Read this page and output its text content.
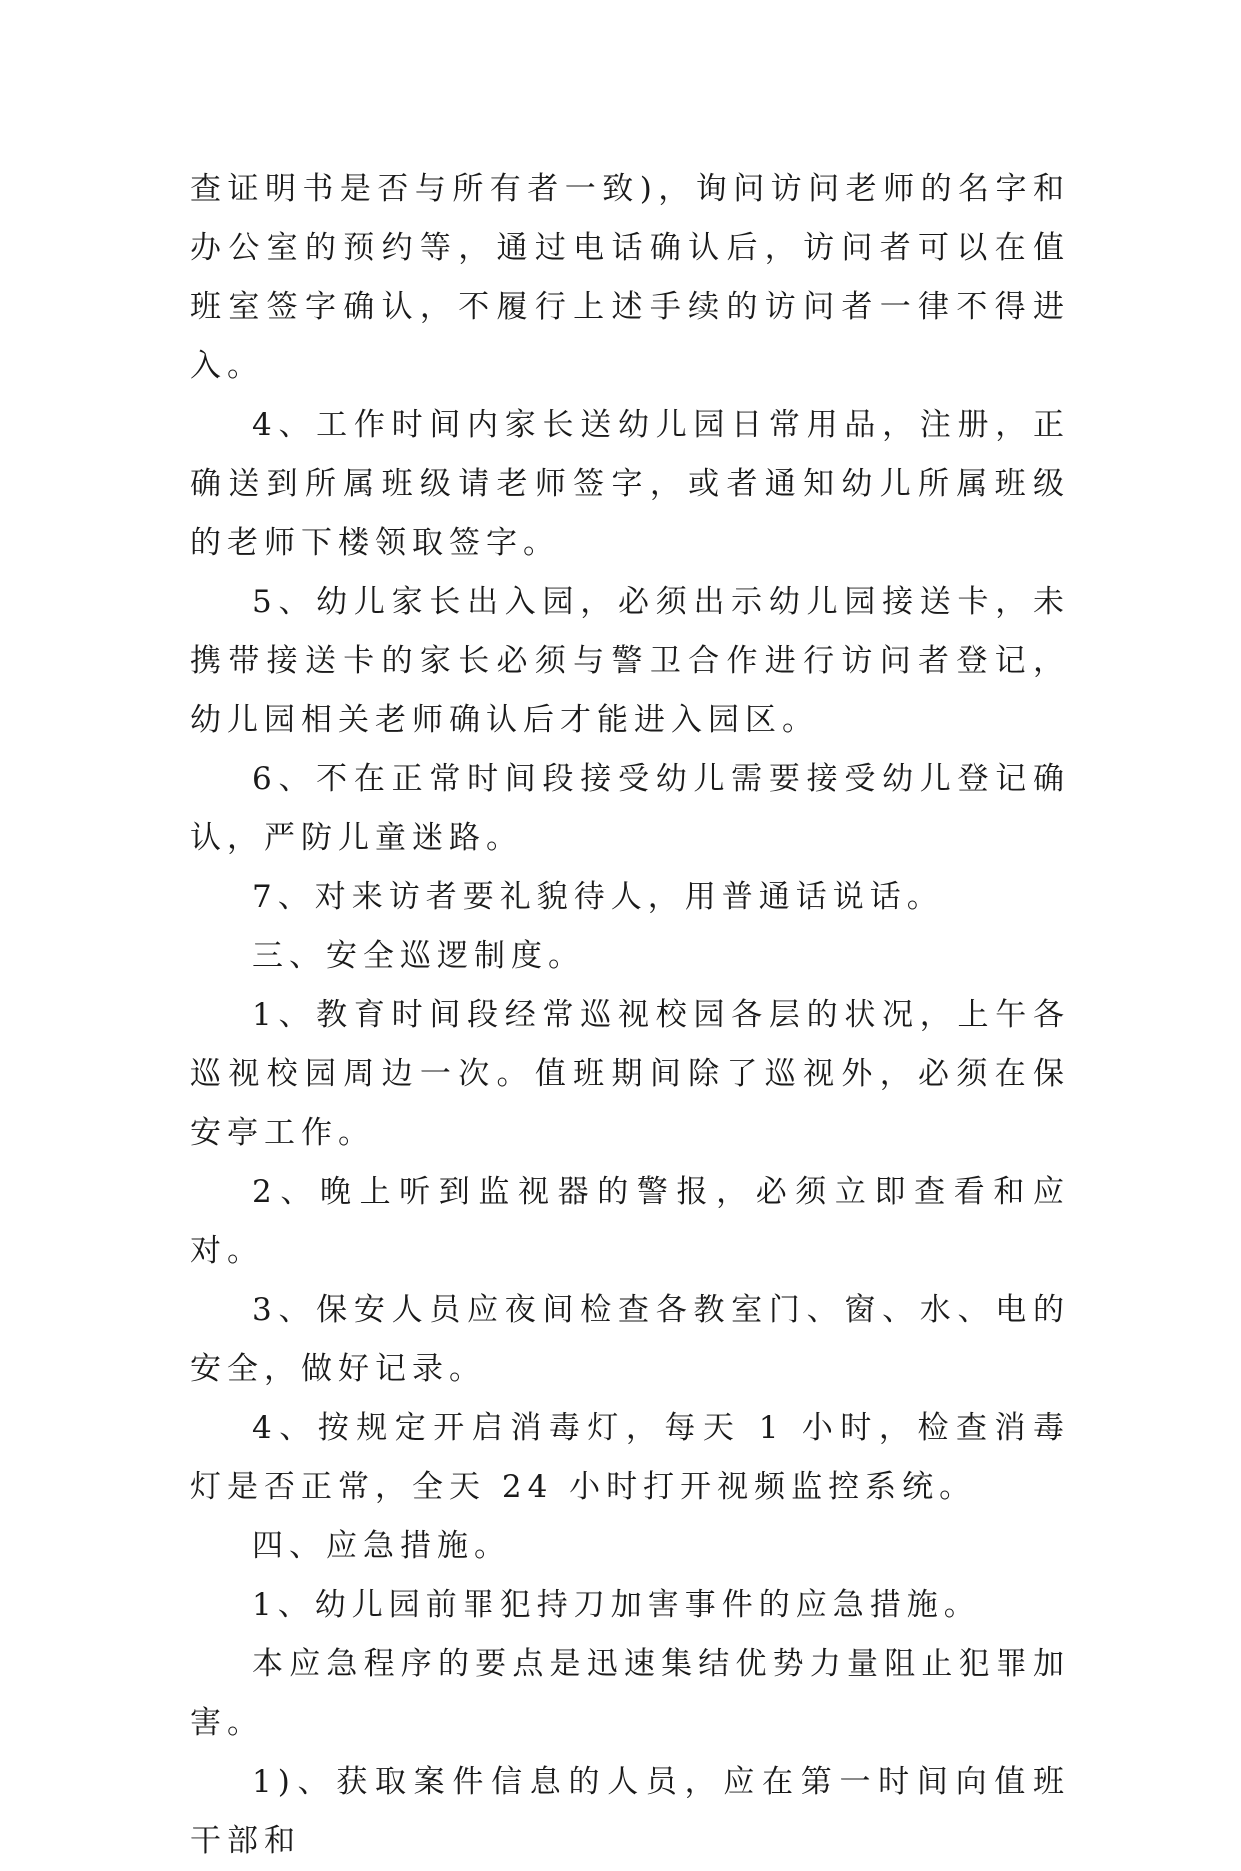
查证明书是否与所有者一致)，询问访问老师的名字和办公室的预约等，通过电话确认后，访问者可以在值班室签字确认，不履行上述手续的访问者一律不得进入。

4、工作时间内家长送幼儿园日常用品，注册，正确送到所属班级请老师签字，或者通知幼儿所属班级的老师下楼领取签字。

5、幼儿家长出入园，必须出示幼儿园接送卡，未携带接送卡的家长必须与警卫合作进行访问者登记，幼儿园相关老师确认后才能进入园区。

6、不在正常时间段接受幼儿需要接受幼儿登记确认，严防儿童迷路。

7、对来访者要礼貌待人，用普通话说话。

三、安全巡逻制度。

1、教育时间段经常巡视校园各层的状况，上午各巡视校园周边一次。值班期间除了巡视外，必须在保安亭工作。

2、晚上听到监视器的警报，必须立即查看和应对。

3、保安人员应夜间检查各教室门、窗、水、电的安全，做好记录。

4、按规定开启消毒灯，每天 1 小时，检查消毒灯是否正常，全天 24 小时打开视频监控系统。

四、应急措施。

1、幼儿园前罪犯持刀加害事件的应急措施。

本应急程序的要点是迅速集结优势力量阻止犯罪加害。

1)、获取案件信息的人员，应在第一时间向值班干部和
